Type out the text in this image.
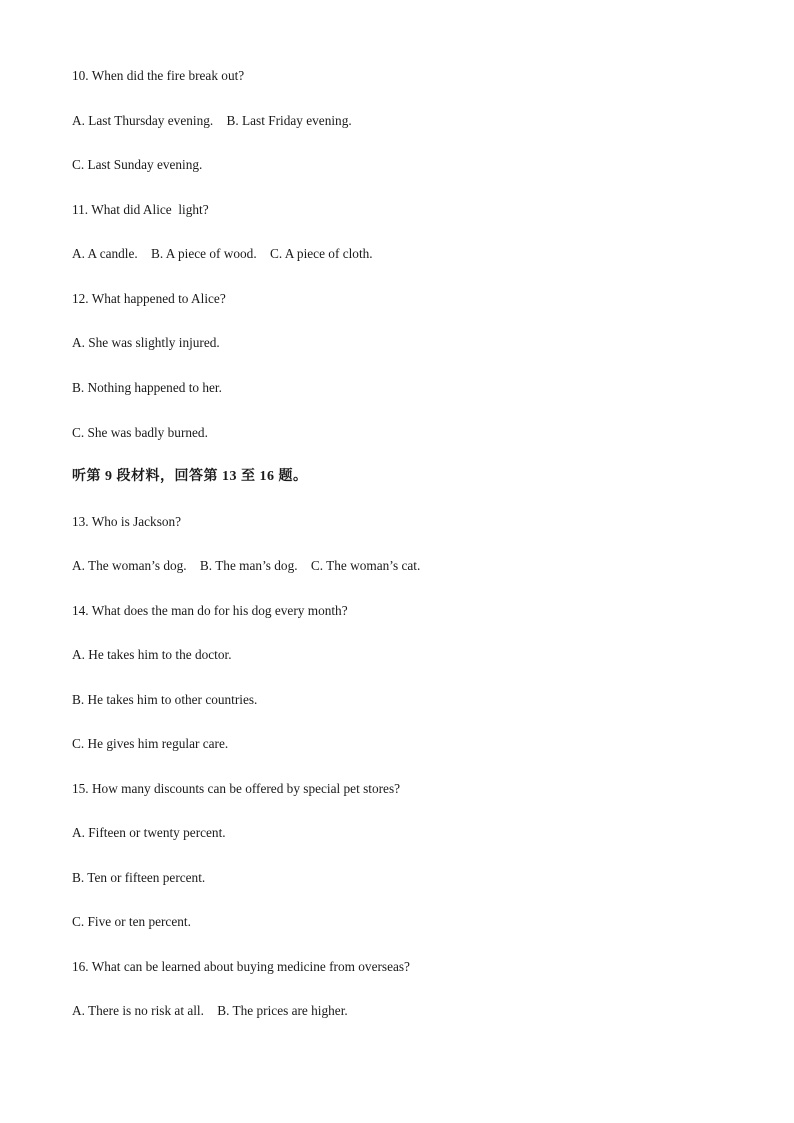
10. When did the fire break out?
A. Last Thursday evening.    B. Last Friday evening.
C. Last Sunday evening.
11. What did Alice  light?
A. A candle.    B. A piece of wood.    C. A piece of cloth.
12. What happened to Alice?
A. She was slightly injured.
B. Nothing happened to her.
C. She was badly burned.
听第 9 段材料，回答第 13 至 16 题。
13. Who is Jackson?
A. The woman’s dog.    B. The man’s dog.    C. The woman’s cat.
14. What does the man do for his dog every month?
A. He takes him to the doctor.
B. He takes him to other countries.
C. He gives him regular care.
15. How many discounts can be offered by special pet stores?
A. Fifteen or twenty percent.
B. Ten or fifteen percent.
C. Five or ten percent.
16. What can be learned about buying medicine from overseas?
A. There is no risk at all.    B. The prices are higher.
